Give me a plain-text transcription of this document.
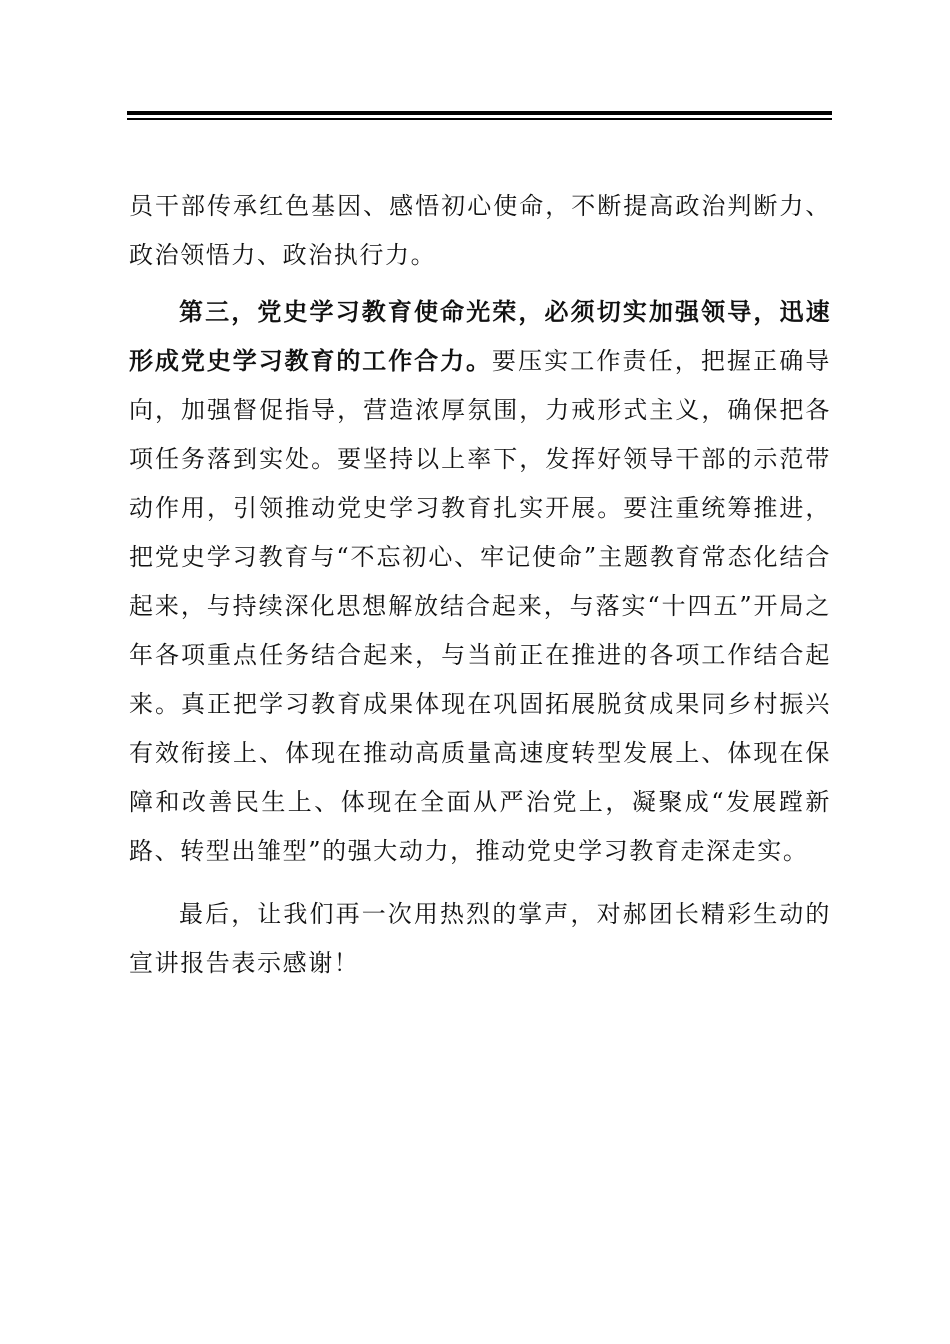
员干部传承红色基因、感悟初心使命，不断提高政治判断力、政治领悟力、政治执行力。

第三，党史学习教育使命光荣，必须切实加强领导，迅速形成党史学习教育的工作合力。要压实工作责任，把握正确导向，加强督促指导，营造浓厚氛围，力戒形式主义，确保把各项任务落到实处。要坚持以上率下，发挥好领导干部的示范带动作用，引领推动党史学习教育扎实开展。要注重统筹推进，把党史学习教育与“不忘初心、牢记使命”主题教育常态化结合起来，与持续深化思想解放结合起来，与落实“十四五”开局之年各项重点任务结合起来，与当前正在推进的各项工作结合起来。真正把学习教育成果体现在巩固拓展脱贫成果同乡村振兴有效衔接上、体现在推动高质量高速度转型发展上、体现在保障和改善民生上、体现在全面从严治党上，凝聚成“发展蹚新路、转型出雏型”的强大动力，推动党史学习教育走深走实。

最后，让我们再一次用热烈的掌声，对郝团长精彩生动的宣讲报告表示感谢！
